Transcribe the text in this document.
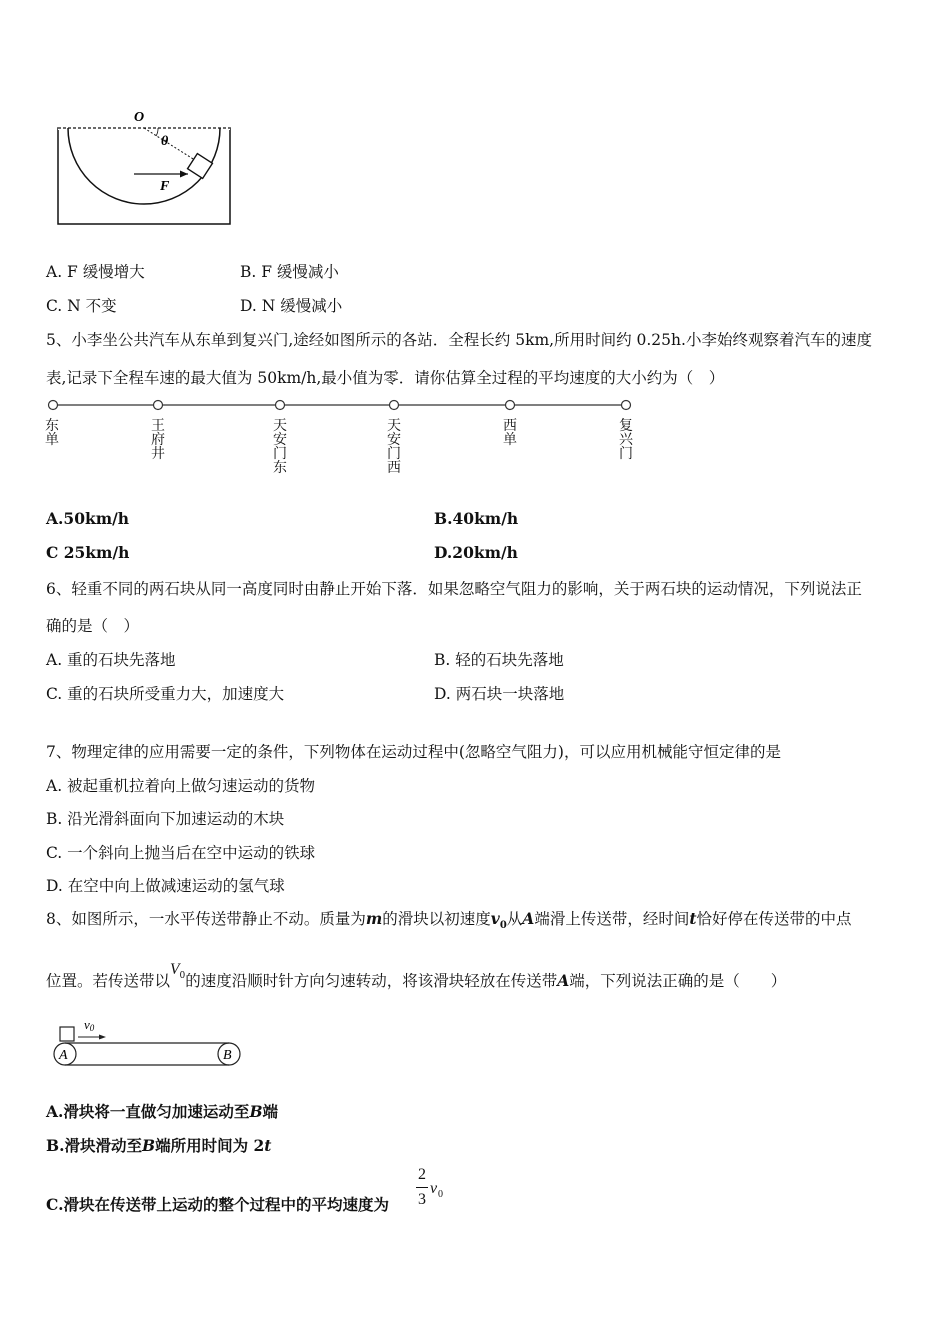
O
θ
F
A. F 缓慢增大	B. F 缓慢减小
C. N 不变	D. N 缓慢减小
5、小李坐公共汽车从东单到复兴门,途经如图所示的各站．全程长约 5km,所用时间约 0.25h.小李始终观察着汽车的速度
表,记录下全程车速的最大值为 50km/h,最小值为零．请你估算全过程的平均速度的大小约为（　）
东单
王府井
天安门东
天安门西
西单
复兴门
A.50km/h	B.40km/h
C 25km/h	D.20km/h
6、轻重不同的两石块从同一高度同时由静止开始下落．如果忽略空气阻力的影响，关于两石块的运动情况，下列说法正
确的是（　）
A. 重的石块先落地	B. 轻的石块先落地
C. 重的石块所受重力大，加速度大	D. 两石块一块落地
7、物理定律的应用需要一定的条件，下列物体在运动过程中(忽略空气阻力)，可以应用机械能守恒定律的是
A. 被起重机拉着向上做匀速运动的货物
B. 沿光滑斜面向下加速运动的木块
C. 一个斜向上抛当后在空中运动的铁球
D. 在空中向上做减速运动的氢气球
8、如图所示，一水平传送带静止不动。质量为m的滑块以初速度$v_0$从A端滑上传送带，经时间t恰好停在传送带的中点
位置。若传送带以$V_0$的速度沿顺时针方向匀速转动，将该滑块轻放在传送带A端，下列说法正确的是（　　）
v0
A	B
A.滑块将一直做匀加速运动至B端
B.滑块滑动至B端所用时间为 2t
C.滑块在传送带上运动的整个过程中的平均速度为
2
3
v 0
